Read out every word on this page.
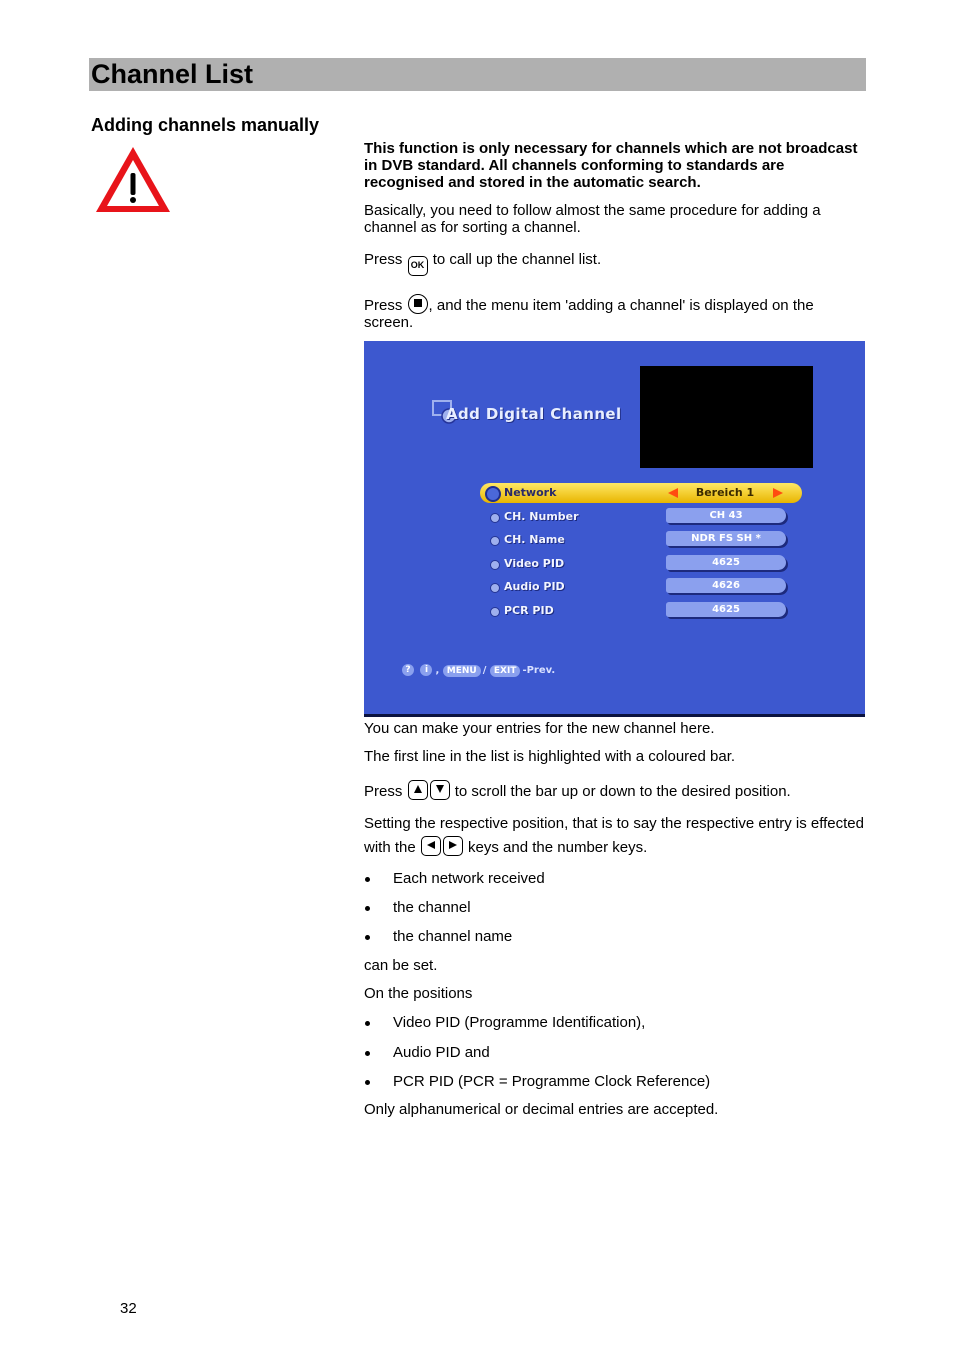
Channel List
Adding channels manually

This function is only necessary for channels which are not broadcast in DVB standard. All channels conforming to standards are recognised and stored in the automatic search.

Basically, you need to follow almost the same procedure for adding a channel as for sorting a channel.

Press OK to call up the channel list.

Press , and the menu item 'adding a channel' is displayed on the screen.

Add Digital Channel
Network	Bereich 1
CH. Number	CH 43
CH. Name	NDR FS SH *
Video PID	4625
Audio PID	4626
PCR PID	4625
? i , MENU / EXIT -Prev.

You can make your entries for the new channel here.

The first line in the list is highlighted with a coloured bar.

Press	to scroll the bar up or down to the desired position.

Setting the respective position, that is to say the respective entry is effected with the	keys and the number keys.

Each network received
the channel
the channel name

can be set.

On the positions

Video PID (Programme Identification),
Audio PID and
PCR PID (PCR = Programme Clock Reference)

Only alphanumerical or decimal entries are accepted.

32
